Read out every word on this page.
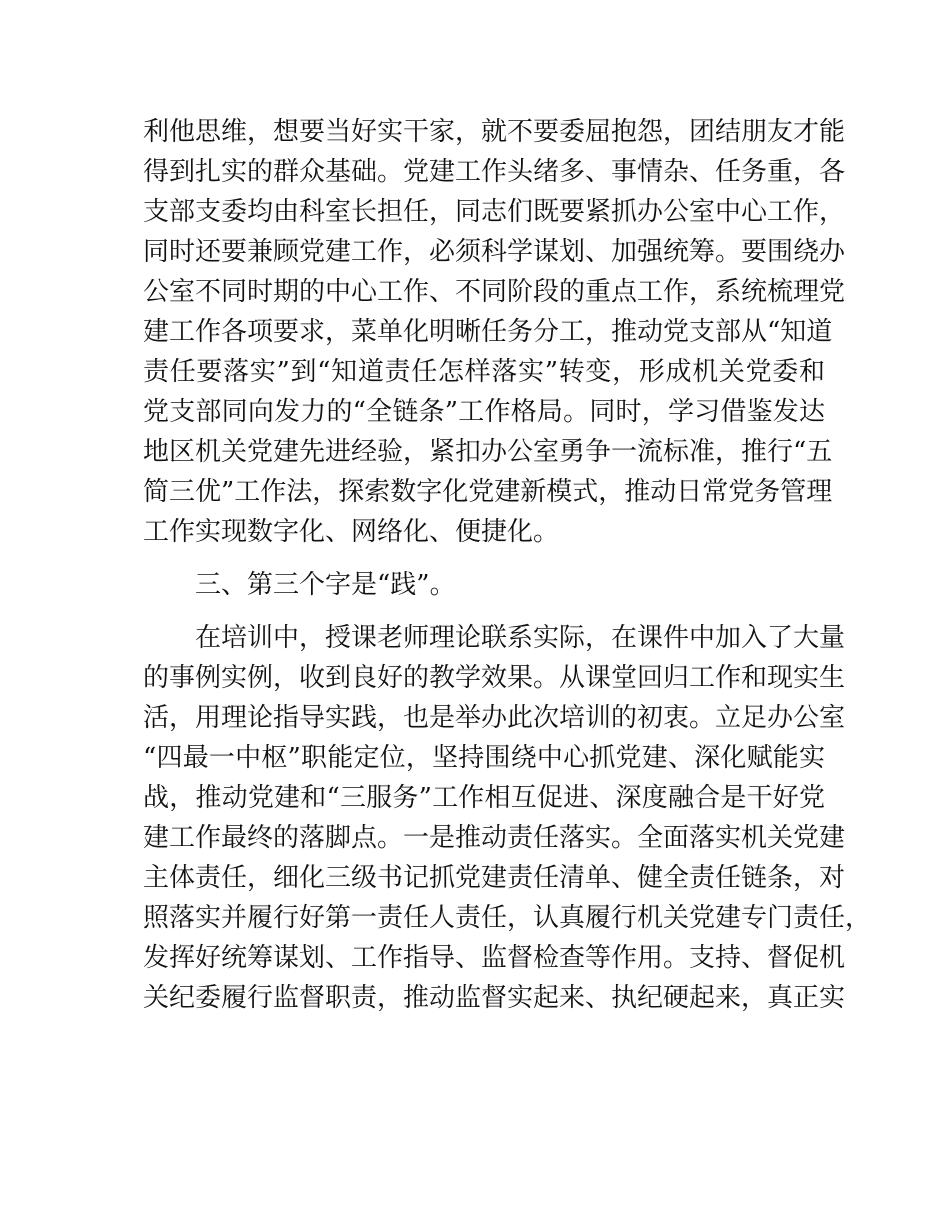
利他思维，想要当好实干家，就不要委屈抱怨，团结朋友才能
得到扎实的群众基础。党建工作头绪多、事情杂、任务重，各
支部支委均由科室长担任，同志们既要紧抓办公室中心工作，
同时还要兼顾党建工作，必须科学谋划、加强统筹。要围绕办
公室不同时期的中心工作、不同阶段的重点工作，系统梳理党
建工作各项要求，菜单化明晰任务分工，推动党支部从“知道
责任要落实”到“知道责任怎样落实”转变，形成机关党委和
党支部同向发力的“全链条”工作格局。同时，学习借鉴发达
地区机关党建先进经验，紧扣办公室勇争一流标准，推行“五
简三优”工作法，探索数字化党建新模式，推动日常党务管理
工作实现数字化、网络化、便捷化。
三、第三个字是“践”。
在培训中，授课老师理论联系实际，在课件中加入了大量
的事例实例，收到良好的教学效果。从课堂回归工作和现实生
活，用理论指导实践，也是举办此次培训的初衷。立足办公室
“四最一中枢”职能定位，坚持围绕中心抓党建、深化赋能实
战，推动党建和“三服务”工作相互促进、深度融合是干好党
建工作最终的落脚点。一是推动责任落实。全面落实机关党建
主体责任，细化三级书记抓党建责任清单、健全责任链条，对
照落实并履行好第一责任人责任，认真履行机关党建专门责任，
发挥好统筹谋划、工作指导、监督检查等作用。支持、督促机
关纪委履行监督职责，推动监督实起来、执纪硬起来，真正实
